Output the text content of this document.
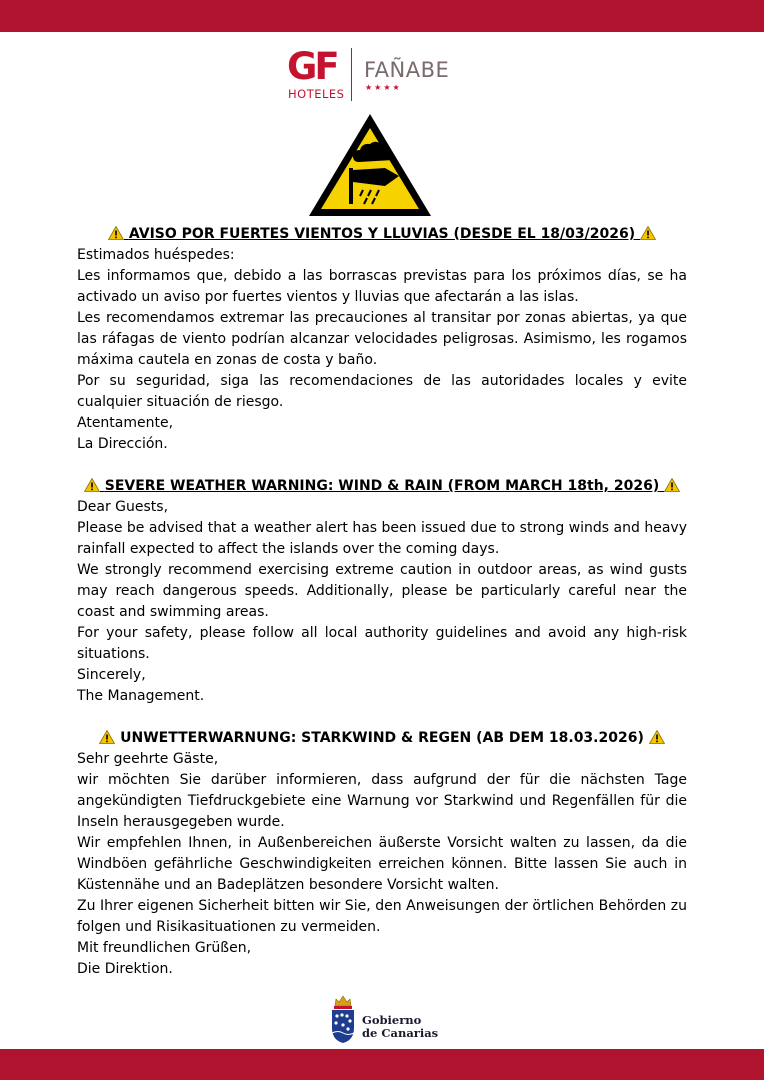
GF
HOTELES
FAÑABE
★★★★
AVISO POR FUERTES VIENTOS Y LLUVIAS (DESDE EL 18/03/2026)

Estimados huéspedes:

Les informamos que, debido a las borrascas previstas para los próximos días, se ha activado un aviso por fuertes vientos y lluvias que afectarán a las islas.

Les recomendamos extremar las precauciones al transitar por zonas abiertas, ya que las ráfagas de viento podrían alcanzar velocidades peligrosas. Asimismo, les rogamos máxima cautela en zonas de costa y baño.

Por su seguridad, siga las recomendaciones de las autoridades locales y evite cualquier situación de riesgo.

Atentamente,

La Dirección.

SEVERE WEATHER WARNING: WIND & RAIN (FROM MARCH 18th, 2026)

Dear Guests,

Please be advised that a weather alert has been issued due to strong winds and heavy rainfall expected to affect the islands over the coming days.

We strongly recommend exercising extreme caution in outdoor areas, as wind gusts may reach dangerous speeds. Additionally, please be particularly careful near the coast and swimming areas.

For your safety, please follow all local authority guidelines and avoid any high-risk situations.

Sincerely,

The Management.

UNWETTERWARNUNG: STARKWIND & REGEN (AB DEM 18.03.2026)

Sehr geehrte Gäste,

wir möchten Sie darüber informieren, dass aufgrund der für die nächsten Tage angekündigten Tiefdruckgebiete eine Warnung vor Starkwind und Regenfällen für die Inseln herausgegeben wurde.

Wir empfehlen Ihnen, in Außenbereichen äußerste Vorsicht walten zu lassen, da die Windböen gefährliche Geschwindigkeiten erreichen können. Bitte lassen Sie auch in Küstennähe und an Badeplätzen besondere Vorsicht walten.

Zu Ihrer eigenen Sicherheit bitten wir Sie, den Anweisungen der örtlichen Behörden zu folgen und Risikasituationen zu vermeiden.

Mit freundlichen Grüßen,

Die Direktion.

Gobierno
de Canarias
